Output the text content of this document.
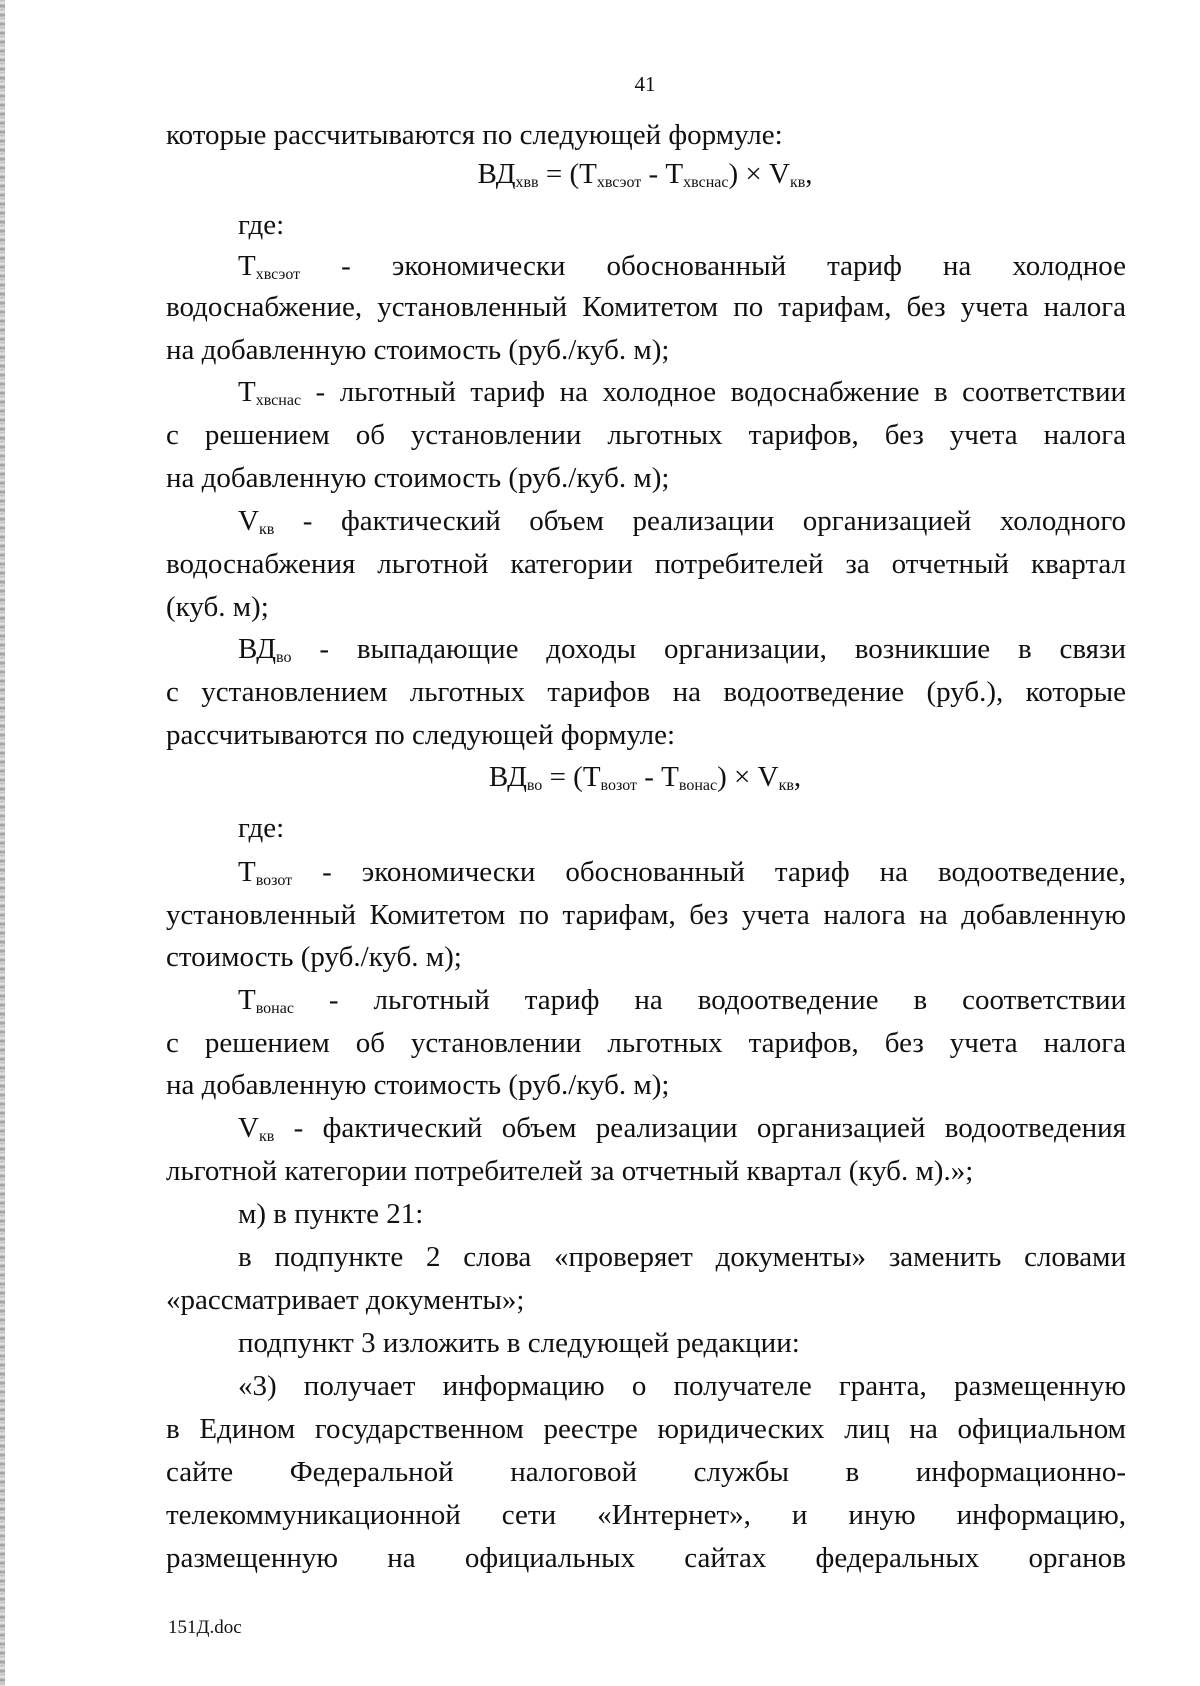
41
которые рассчитываются по следующей формуле:
$ВД_{хвв} = (Т_{хвсэот} - Т_{хвснас}) \times V_{кв}$,
где:
$Т_{хвсэот}$ - экономически обоснованный тариф на холодное
водоснабжение, установленный Комитетом по тарифам, без учета налога
на добавленную стоимость (руб./куб. м);
$Т_{хвснас}$ - льготный тариф на холодное водоснабжение в соответствии
с решением об установлении льготных тарифов, без учета налога
на добавленную стоимость (руб./куб. м);
$V_{кв}$ - фактический объем реализации организацией холодного
водоснабжения льготной категории потребителей за отчетный квартал
(куб. м);
$ВД_{во}$ - выпадающие доходы организации, возникшие в связи
с установлением льготных тарифов на водоотведение (руб.), которые
рассчитываются по следующей формуле:
$ВД_{во} = (Т_{возот} - Т_{вонас}) \times V_{кв}$,
где:
$Т_{возот}$ - экономически обоснованный тариф на водоотведение,
установленный Комитетом по тарифам, без учета налога на добавленную
стоимость (руб./куб. м);
$Т_{вонас}$ - льготный тариф на водоотведение в соответствии
с решением об установлении льготных тарифов, без учета налога
на добавленную стоимость (руб./куб. м);
$V_{кв}$ - фактический объем реализации организацией водоотведения
льготной категории потребителей за отчетный квартал (куб. м).»;
м) в пункте 21:
в подпункте 2 слова «проверяет документы» заменить словами
«рассматривает документы»;
подпункт 3 изложить в следующей редакции:
«3) получает информацию о получателе гранта, размещенную
в Едином государственном реестре юридических лиц на официальном
сайте Федеральной налоговой службы в информационно-
телекоммуникационной сети «Интернет», и иную информацию,
размещенную на официальных сайтах федеральных органов
151Д.doc
